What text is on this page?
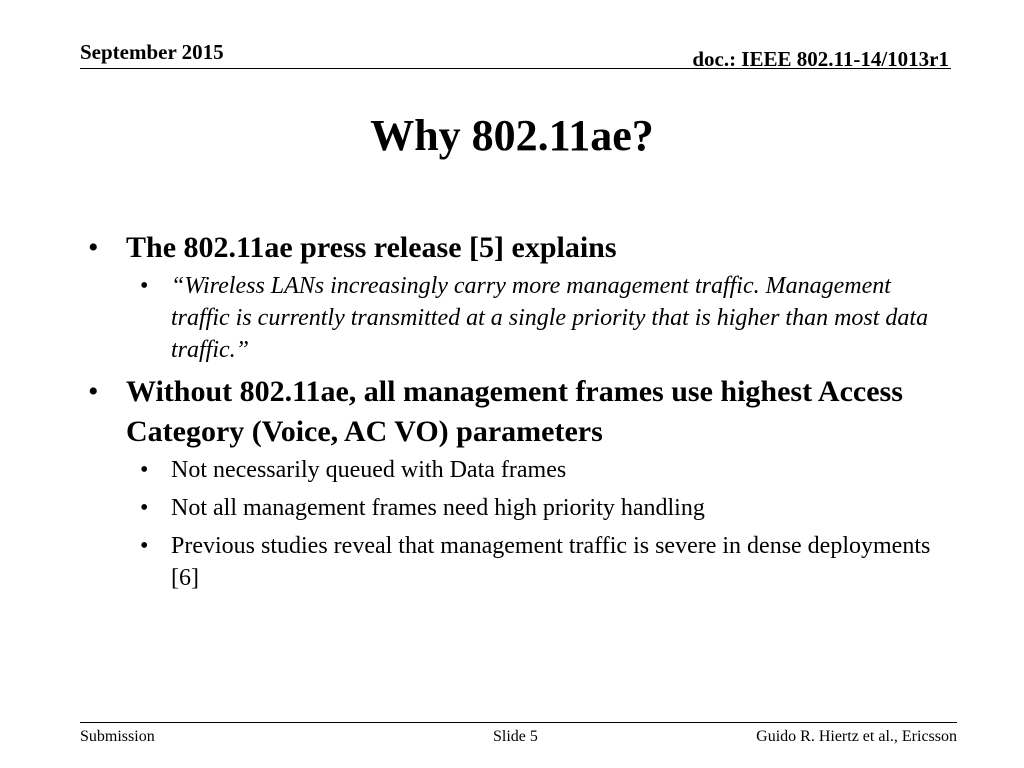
September 2015	doc.: IEEE 802.11-14/1013r1
Why 802.11ae?
• The 802.11ae press release [5] explains
• “Wireless LANs increasingly carry more management traffic. Management traffic is currently transmitted at a single priority that is higher than most data traffic.”
• Without 802.11ae, all management frames use highest Access Category (Voice, AC VO) parameters
• Not necessarily queued with Data frames
• Not all management frames need high priority handling
• Previous studies reveal that management traffic is severe in dense deployments [6]
Submission	Slide 5	Guido R. Hiertz et al., Ericsson
